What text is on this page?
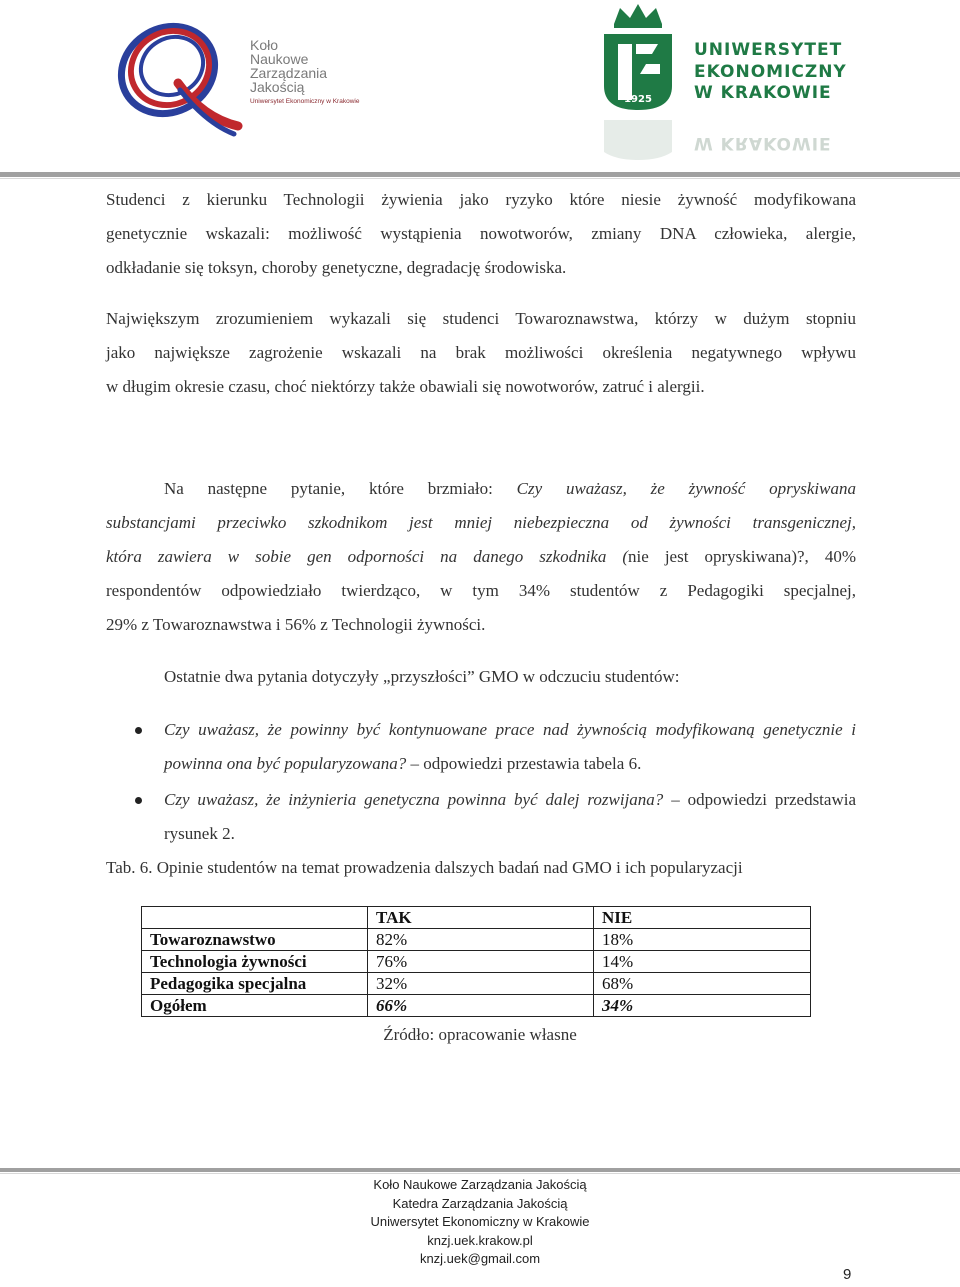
Koło
Naukowe
Zarządzania
Jakością
Uniwersytet Ekonomiczny w Krakowie	1925
UNIWERSYTET
EKONOMICZNY
W KRAKOWIE
W KRAKOWIE
Studenci z kierunku Technologii żywienia jako ryzyko które niesie żywność modyfikowana
genetycznie wskazali: możliwość wystąpienia nowotworów, zmiany DNA człowieka, alergie,
odkładanie się toksyn, choroby genetyczne, degradację środowiska.
Największym zrozumieniem wykazali się studenci Towaroznawstwa, którzy w dużym stopniu
jako największe zagrożenie wskazali na brak możliwości określenia negatywnego wpływu
w długim okresie czasu, choć niektórzy także obawiali się nowotworów, zatruć i alergii.
Na następne pytanie, które brzmiało: Czy uważasz, że żywność opryskiwana
substancjami przeciwko szkodnikom jest mniej niebezpieczna od żywności transgenicznej,
która zawiera w sobie gen odporności na danego szkodnika (nie jest opryskiwana)?, 40%
respondentów odpowiedziało twierdząco, w tym 34% studentów z Pedagogiki specjalnej,
29% z Towaroznawstwa i 56% z Technologii żywności.
Ostatnie dwa pytania dotyczyły „przyszłości” GMO w odczuciu studentów:
Czy uważasz, że powinny być kontynuowane prace nad żywnością modyfikowaną genetycznie i powinna ona być popularyzowana? – odpowiedzi przestawia tabela 6.
Czy uważasz, że inżynieria genetyczna powinna być dalej rozwijana? – odpowiedzi przedstawia rysunek 2.
Tab. 6. Opinie studentów na temat prowadzenia dalszych badań nad GMO i ich popularyzacji
	TAK	NIE
Towaroznawstwo	82%	18%
Technologia żywności	76%	14%
Pedagogika specjalna	32%	68%
Ogółem	66%	34%
Źródło: opracowanie własne
Koło Naukowe Zarządzania Jakością
Katedra Zarządzania Jakością
Uniwersytet Ekonomiczny w Krakowie
knzj.uek.krakow.pl
knzj.uek@gmail.com
9
